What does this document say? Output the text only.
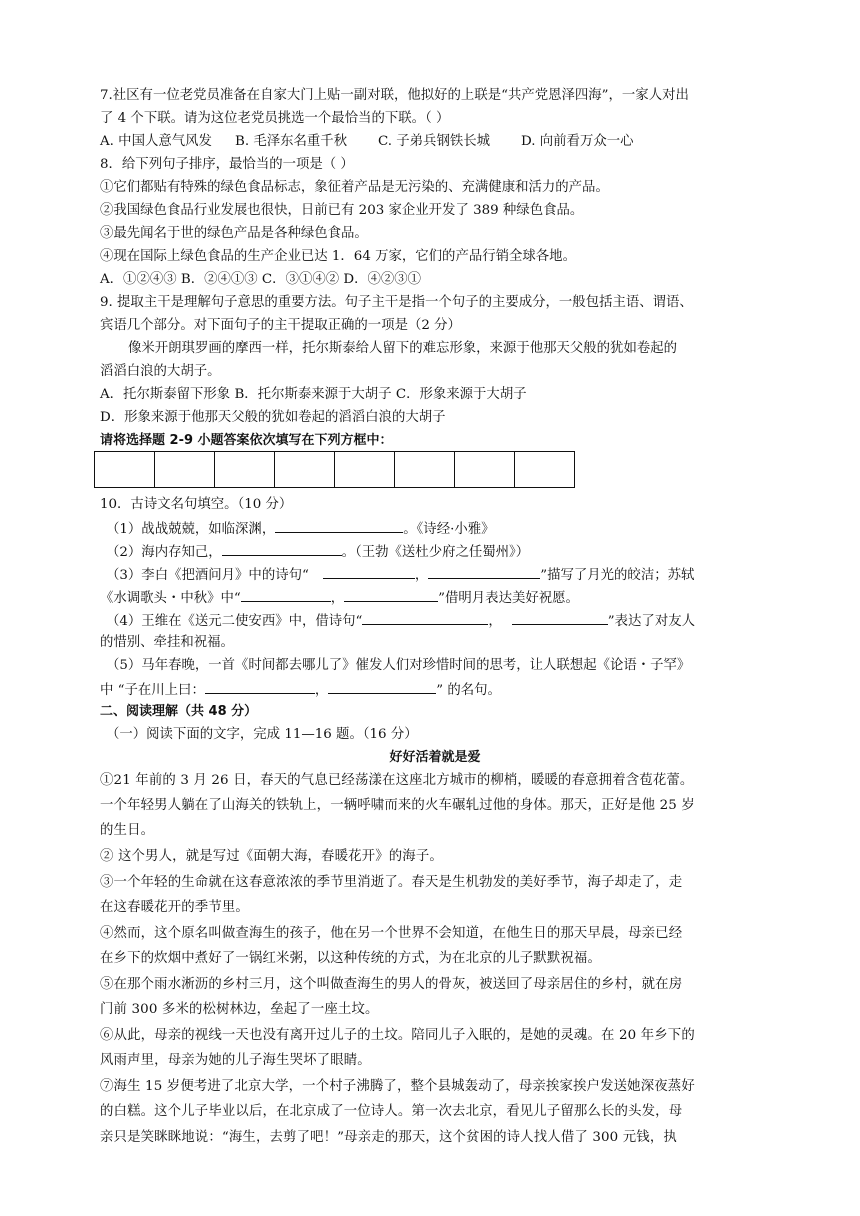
7.社区有一位老党员准备在自家大门上贴一副对联，他拟好的上联是“共产党恩泽四海”，一家人对出
了 4 个下联。请为这位老党员挑选一个最恰当的下联。（ ）
A. 中国人意气风发 B. 毛泽东名重千秋 C. 子弟兵钢铁长城 D. 向前看万众一心
8．给下列句子排序，最恰当的一项是（ ）
①它们都贴有特殊的绿色食品标志，象征着产品是无污染的、充满健康和活力的产品。
②我国绿色食品行业发展也很快，日前已有 203 家企业开发了 389 种绿色食品。
③最先闻名于世的绿色产品是各种绿色食品。
④现在国际上绿色食品的生产企业已达 1．64 万家，它们的产品行销全球各地。
A．①②④③ B．②④①③ C．③①④② D．④②③①
9. 提取主干是理解句子意思的重要方法。句子主干是指一个句子的主要成分，一般包括主语、谓语、
宾语几个部分。对下面句子的主干提取正确的一项是（2 分）
像米开朗琪罗画的摩西一样，托尔斯泰给人留下的难忘形象，来源于他那天父般的犹如卷起的
滔滔白浪的大胡子。
A．托尔斯泰留下形象 B．托尔斯泰来源于大胡子 C．形象来源于大胡子
D．形象来源于他那天父般的犹如卷起的滔滔白浪的大胡子
请将选择题 2-9 小题答案依次填写在下列方框中：

10．古诗文名句填空。（10 分）
（1）战战兢兢，如临深渊，	。《诗经·小雅》
（2）海内存知己，	。（王勃《送杜少府之任蜀州》）
（3）李白《把酒问月》中的诗句“	，	”描写了月光的皎洁；苏轼
《水调歌头・中秋》中“	，	”借明月表达美好祝愿。
（4）王维在《送元二使安西》中，借诗句“	，	”表达了对友人
的惜别、牵挂和祝福。
（5）马年春晚，一首《时间都去哪儿了》催发人们对珍惜时间的思考，让人联想起《论语・子罕》
中 “子在川上曰：	，	” 的名句。
二、阅读理解（共 48 分）
（一）阅读下面的文字，完成 11—16 题。（16 分）
好好活着就是爱
①21 年前的 3 月 26 日，春天的气息已经荡漾在这座北方城市的柳梢，暖暖的春意拥着含苞花蕾。
一个年轻男人躺在了山海关的铁轨上，一辆呼啸而来的火车碾轧过他的身体。那天，正好是他 25 岁
的生日。
② 这个男人，就是写过《面朝大海，春暖花开》的海子。
③一个年轻的生命就在这春意浓浓的季节里消逝了。春天是生机勃发的美好季节，海子却走了，走
在这春暖花开的季节里。
④然而，这个原名叫做查海生的孩子，他在另一个世界不会知道，在他生日的那天早晨，母亲已经
在乡下的炊烟中煮好了一锅红米粥，以这种传统的方式，为在北京的儿子默默祝福。
⑤在那个雨水淅沥的乡村三月，这个叫做查海生的男人的骨灰，被送回了母亲居住的乡村，就在房
门前 300 多米的松树林边，垒起了一座土坟。
⑥从此，母亲的视线一天也没有离开过儿子的土坟。陪同儿子入眠的，是她的灵魂。在 20 年乡下的
风雨声里，母亲为她的儿子海生哭坏了眼睛。
⑦海生 15 岁便考进了北京大学，一个村子沸腾了，整个县城轰动了，母亲挨家挨户发送她深夜蒸好
的白糕。这个儿子毕业以后，在北京成了一位诗人。第一次去北京，看见儿子留那么长的头发，母
亲只是笑眯眯地说：“海生，去剪了吧！”母亲走的那天，这个贫困的诗人找人借了 300 元钱，执
